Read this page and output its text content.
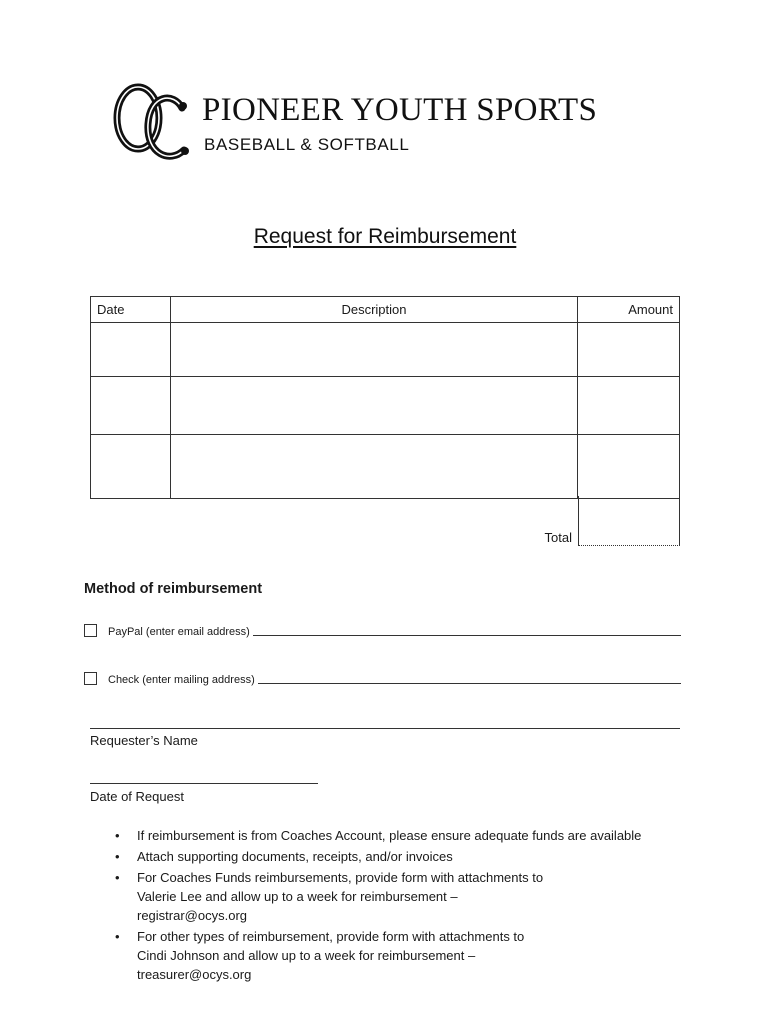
PIONEER YOUTH SPORTS
BASEBALL & SOFTBALL
Request for Reimbursement
Date	Description	Amount

Total
Method of reimbursement
PayPal (enter email address)
Check (enter mailing address)
Requester’s Name
Date of Request
• If reimbursement is from Coaches Account, please ensure adequate funds are available
• Attach supporting documents, receipts, and/or invoices
• For Coaches Funds reimbursements, provide form with attachments to
Valerie Lee and allow up to a week for reimbursement –
registrar@ocys.org
• For other types of reimbursement, provide form with attachments to
Cindi Johnson and allow up to a week for reimbursement –
treasurer@ocys.org
